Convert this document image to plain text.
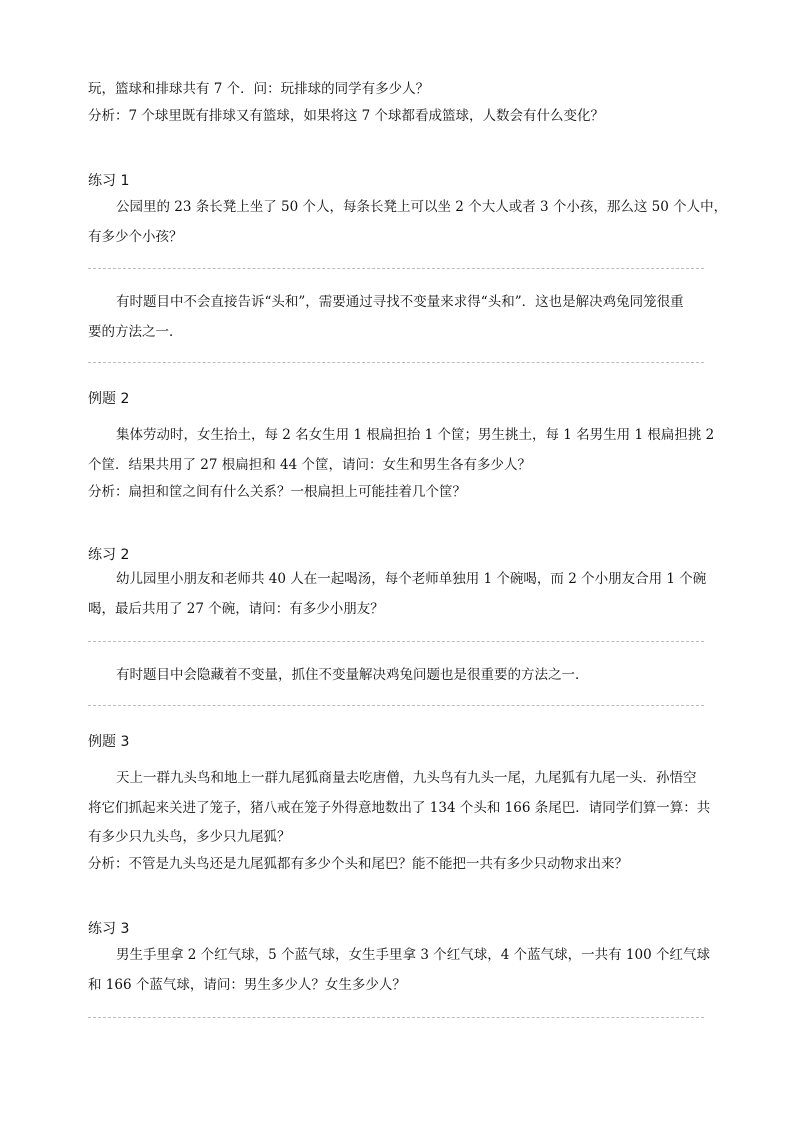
玩，篮球和排球共有 7 个．问：玩排球的同学有多少人？
分析：7 个球里既有排球又有篮球，如果将这 7 个球都看成篮球，人数会有什么变化？
练习 1
公园里的 23 条长凳上坐了 50 个人，每条长凳上可以坐 2 个大人或者 3 个小孩，那么这 50 个人中，
有多少个小孩？
有时题目中不会直接告诉“头和”，需要通过寻找不变量来求得“头和”．这也是解决鸡兔同笼很重
要的方法之一．
例题 2
集体劳动时，女生抬土，每 2 名女生用 1 根扁担抬 1 个筐；男生挑土，每 1 名男生用 1 根扁担挑 2
个筐．结果共用了 27 根扁担和 44 个筐，请问：女生和男生各有多少人？
分析：扁担和筐之间有什么关系？一根扁担上可能挂着几个筐？
练习 2
幼儿园里小朋友和老师共 40 人在一起喝汤，每个老师单独用 1 个碗喝，而 2 个小朋友合用 1 个碗
喝，最后共用了 27 个碗，请问：有多少小朋友？
有时题目中会隐藏着不变量，抓住不变量解决鸡兔问题也是很重要的方法之一．
例题 3
天上一群九头鸟和地上一群九尾狐商量去吃唐僧，九头鸟有九头一尾，九尾狐有九尾一头．孙悟空
将它们抓起来关进了笼子，猪八戒在笼子外得意地数出了 134 个头和 166 条尾巴．请同学们算一算：共
有多少只九头鸟，多少只九尾狐？
分析：不管是九头鸟还是九尾狐都有多少个头和尾巴？能不能把一共有多少只动物求出来？
练习 3
男生手里拿 2 个红气球，5 个蓝气球，女生手里拿 3 个红气球，4 个蓝气球，一共有 100 个红气球
和 166 个蓝气球，请问：男生多少人？女生多少人？
